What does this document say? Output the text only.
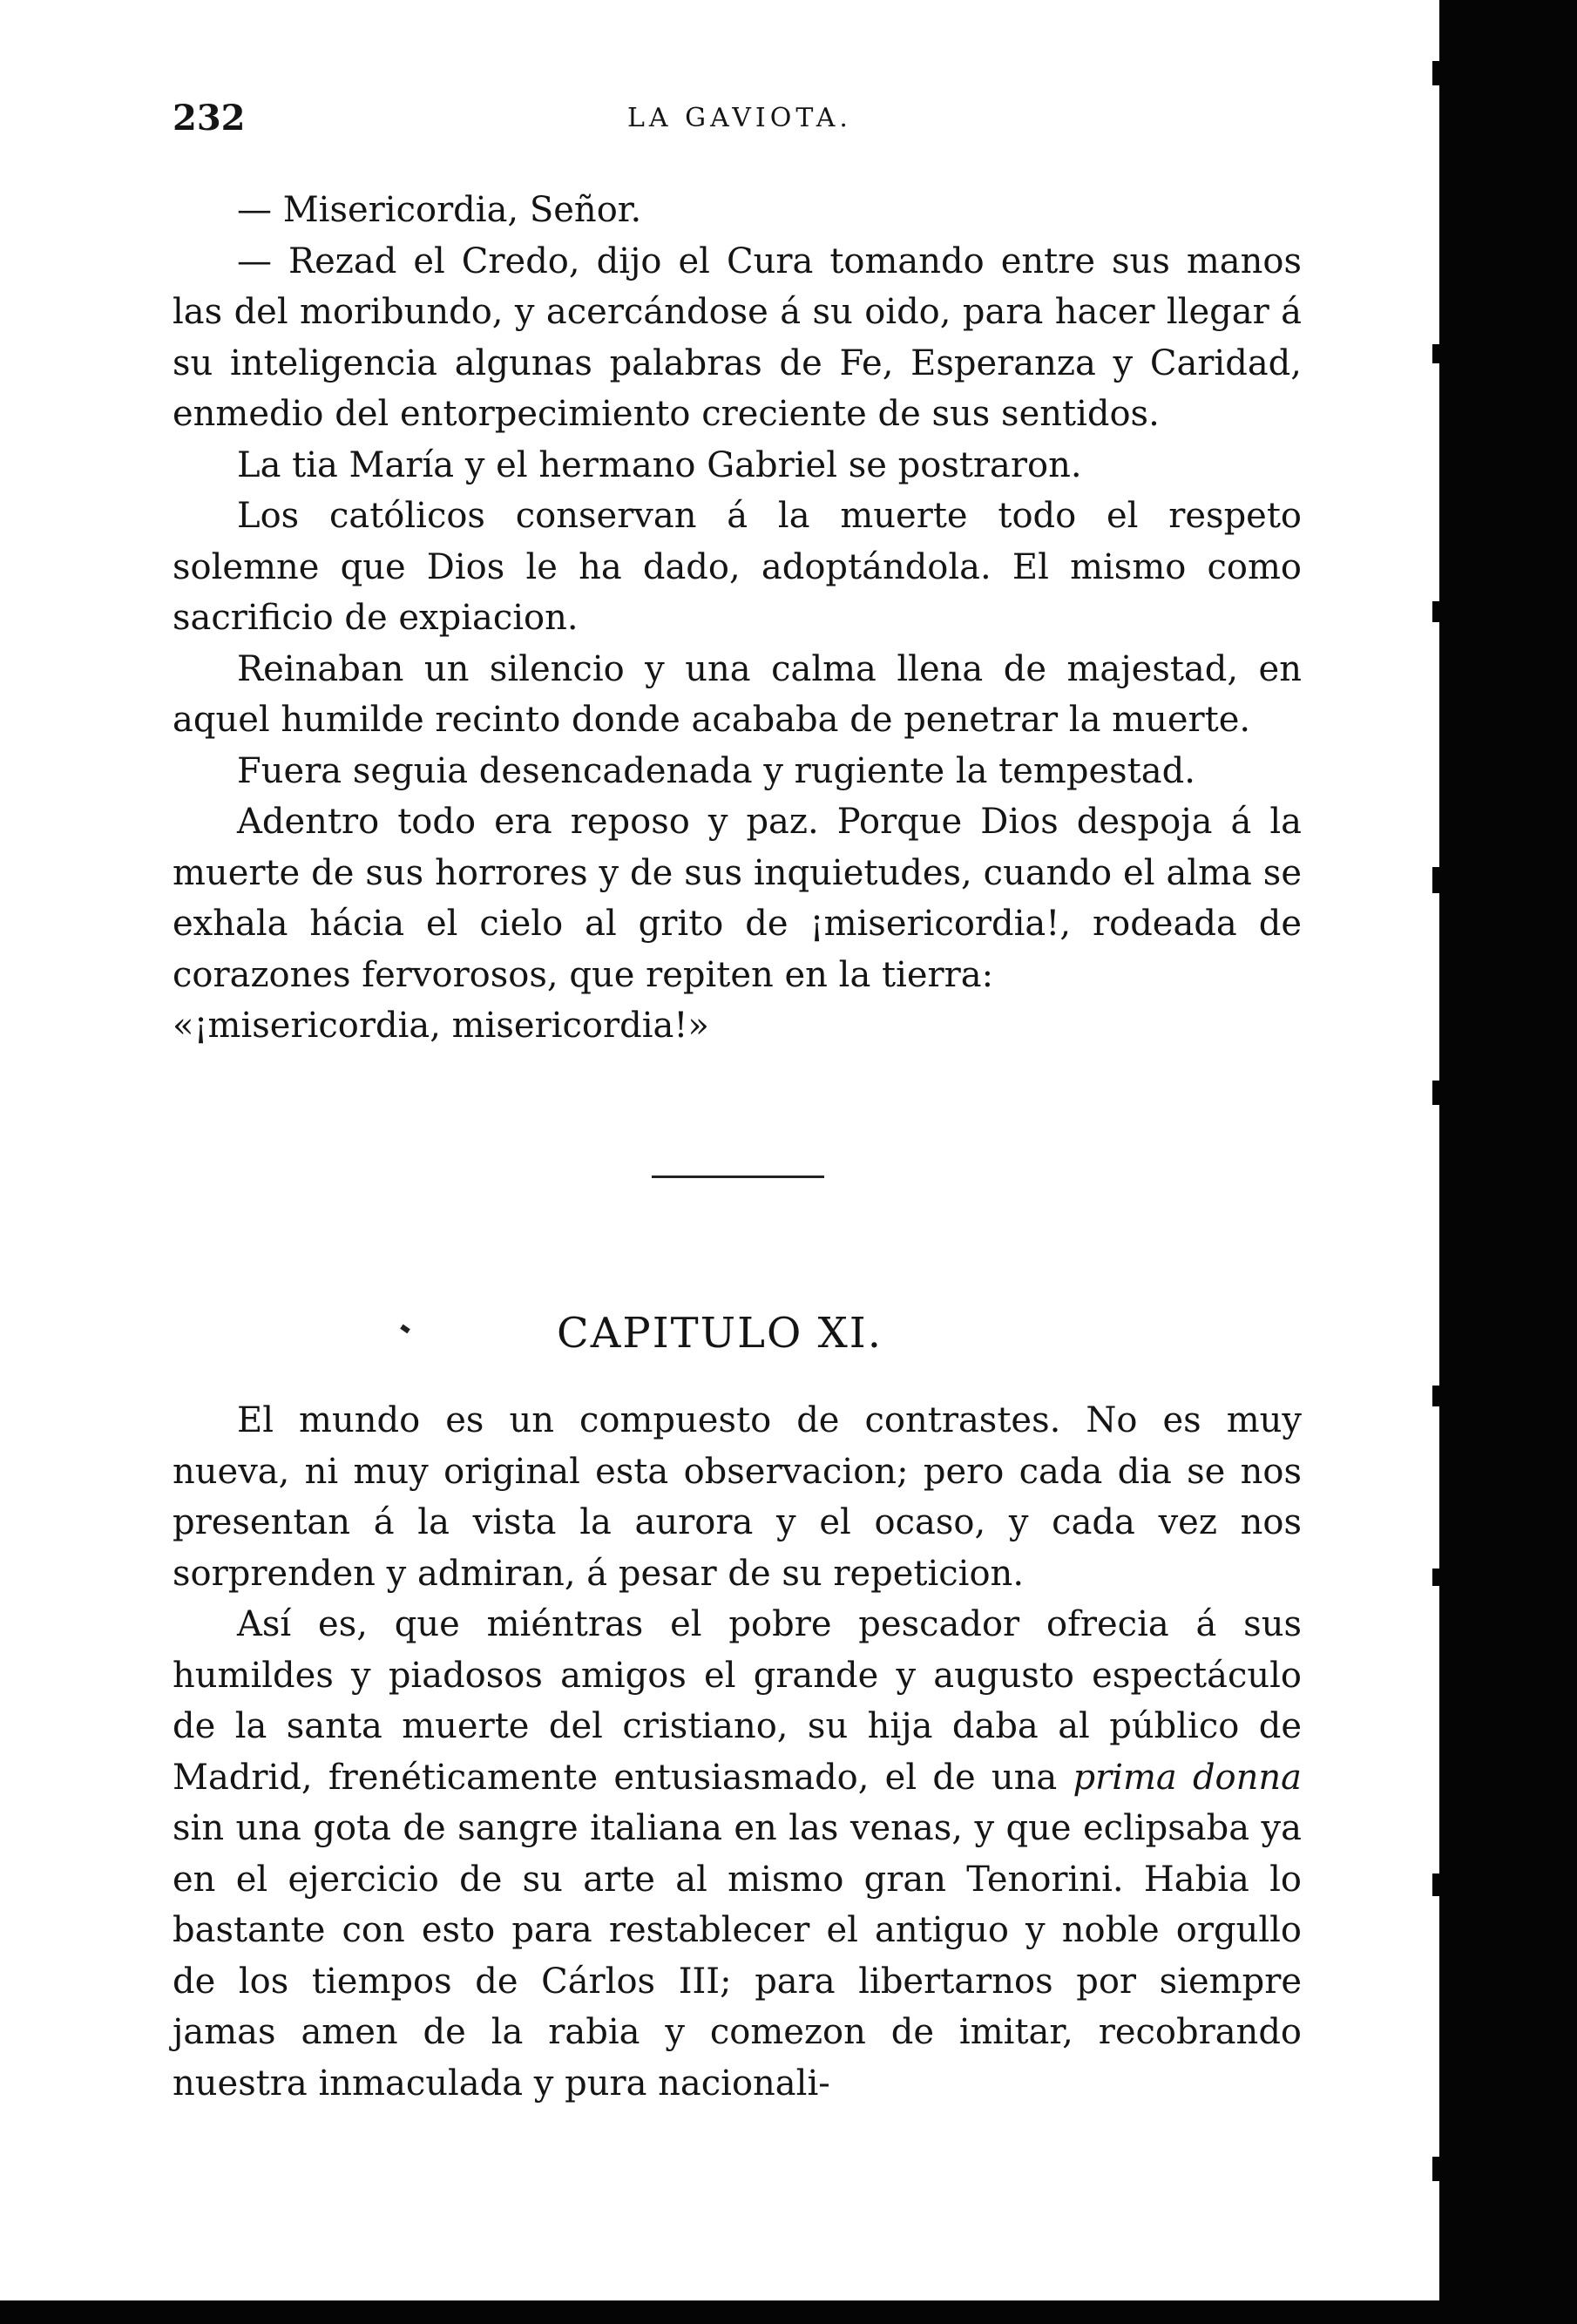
232	LA GAVIOTA.

— Misericordia, Señor.

— Rezad el Credo, dijo el Cura tomando entre sus manos las del moribundo, y acercándose á su oido, para hacer llegar á su inteligencia algunas palabras de Fe, Esperanza y Caridad, enmedio del entorpecimiento creciente de sus sentidos.

La tia María y el hermano Gabriel se postraron.

Los católicos conservan á la muerte todo el respeto solemne que Dios le ha dado, adoptándola. El mismo como sacrificio de expiacion.

Reinaban un silencio y una calma llena de majestad, en aquel humilde recinto donde acababa de penetrar la muerte.

Fuera seguia desencadenada y rugiente la tempestad.

Adentro todo era reposo y paz. Porque Dios despoja á la muerte de sus horrores y de sus inquietudes, cuando el alma se exhala hácia el cielo al grito de ¡misericordia!, rodeada de corazones fervorosos, que repiten en la tierra:

«¡misericordia, misericordia!»

CAPITULO XI.

El mundo es un compuesto de contrastes. No es muy nueva, ni muy original esta observacion; pero cada dia se nos presentan á la vista la aurora y el ocaso, y cada vez nos sorprenden y admiran, á pesar de su repeticion.

Así es, que miéntras el pobre pescador ofrecia á sus humildes y piadosos amigos el grande y augusto espectáculo de la santa muerte del cristiano, su hija daba al público de Madrid, frenéticamente entusiasmado, el de una prima donna sin una gota de sangre italiana en las venas, y que eclipsaba ya en el ejercicio de su arte al mismo gran Tenorini. Habia lo bastante con esto para restablecer el antiguo y noble orgullo de los tiempos de Cárlos III; para libertarnos por siempre jamas amen de la rabia y comezon de imitar, recobrando nuestra inmaculada y pura nacionali-
